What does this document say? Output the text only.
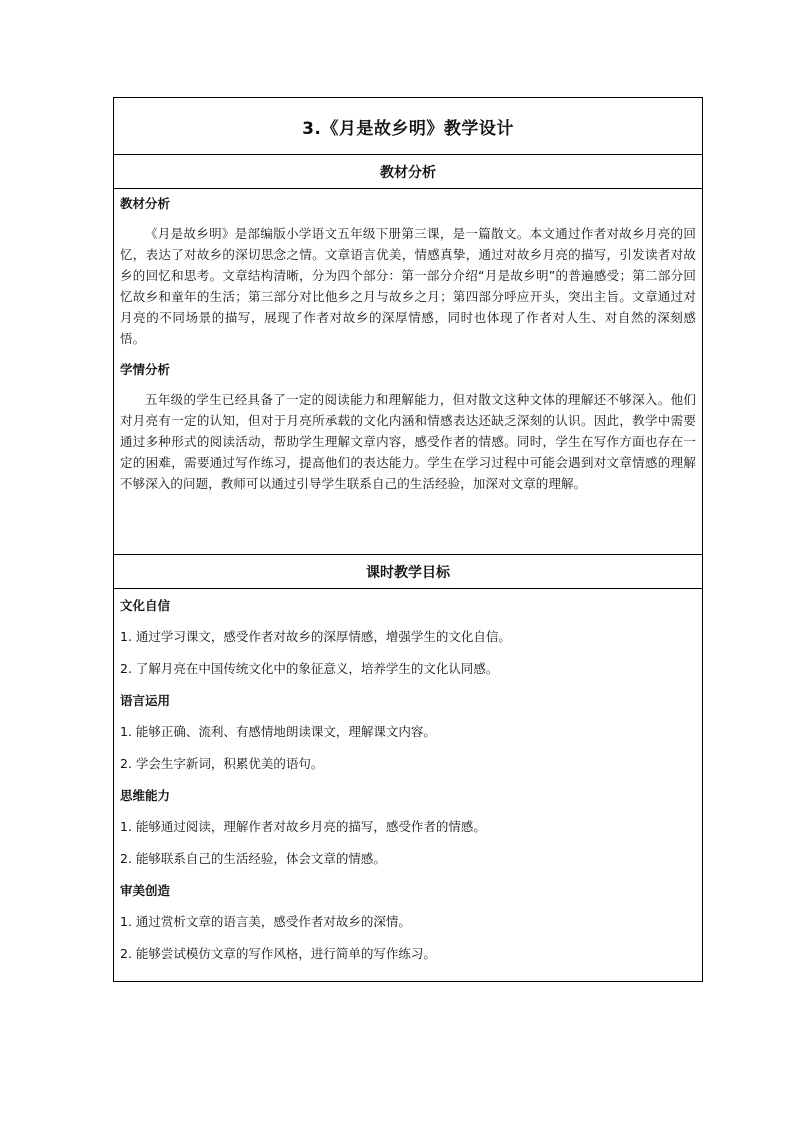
3.《月是故乡明》教学设计
教材分析

教材分析

《月是故乡明》是部编版小学语文五年级下册第三课，是一篇散文。本文通过作者对故乡月亮的回忆，表达了对故乡的深切思念之情。文章语言优美，情感真挚，通过对故乡月亮的描写，引发读者对故乡的回忆和思考。文章结构清晰，分为四个部分：第一部分介绍“月是故乡明”的普遍感受；第二部分回忆故乡和童年的生活；第三部分对比他乡之月与故乡之月；第四部分呼应开头，突出主旨。文章通过对月亮的不同场景的描写，展现了作者对故乡的深厚情感，同时也体现了作者对人生、对自然的深刻感悟。

学情分析

五年级的学生已经具备了一定的阅读能力和理解能力，但对散文这种文体的理解还不够深入。他们对月亮有一定的认知，但对于月亮所承载的文化内涵和情感表达还缺乏深刻的认识。因此，教学中需要通过多种形式的阅读活动，帮助学生理解文章内容，感受作者的情感。同时，学生在写作方面也存在一定的困难，需要通过写作练习，提高他们的表达能力。学生在学习过程中可能会遇到对文章情感的理解不够深入的问题，教师可以通过引导学生联系自己的生活经验，加深对文章的理解。

课时教学目标

文化自信

1. 通过学习课文，感受作者对故乡的深厚情感，增强学生的文化自信。

2. 了解月亮在中国传统文化中的象征意义，培养学生的文化认同感。

语言运用

1. 能够正确、流利、有感情地朗读课文，理解课文内容。

2. 学会生字新词，积累优美的语句。

思维能力

1. 能够通过阅读，理解作者对故乡月亮的描写，感受作者的情感。

2. 能够联系自己的生活经验，体会文章的情感。

审美创造

1. 通过赏析文章的语言美，感受作者对故乡的深情。

2. 能够尝试模仿文章的写作风格，进行简单的写作练习。
